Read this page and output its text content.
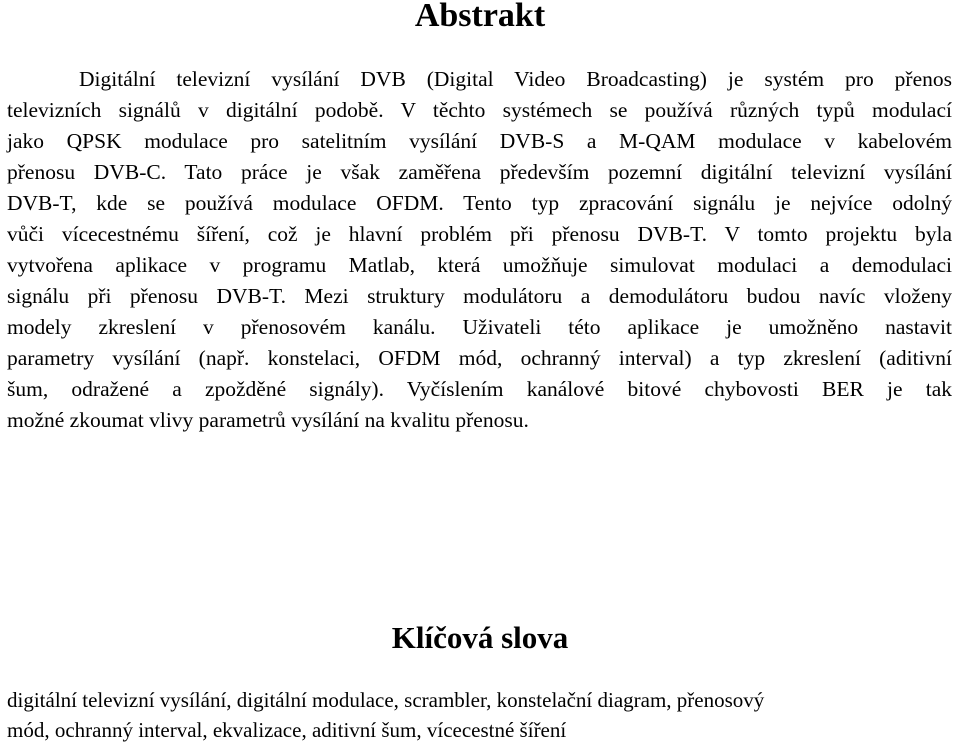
Abstrakt
Digitální televizní vysílání DVB (Digital Video Broadcasting) je systém pro přenos
televizních signálů v digitální podobě. V těchto systémech se používá různých typů modulací
jako QPSK modulace pro satelitním vysílání DVB-S a M-QAM modulace v kabelovém
přenosu DVB-C. Tato práce je však zaměřena především pozemní digitální televizní vysílání
DVB-T, kde se používá modulace OFDM. Tento typ zpracování signálu je nejvíce odolný
vůči vícecestnému šíření, což je hlavní problém při přenosu DVB-T. V tomto projektu byla
vytvořena aplikace v programu Matlab, která umožňuje simulovat modulaci a demodulaci
signálu při přenosu DVB-T. Mezi struktury modulátoru a demodulátoru budou navíc vloženy
modely zkreslení v přenosovém kanálu. Uživateli této aplikace je umožněno nastavit
parametry vysílání (např. konstelaci, OFDM mód, ochranný interval) a typ zkreslení (aditivní
šum, odražené a zpožděné signály). Vyčíslením kanálové bitové chybovosti BER je tak
možné zkoumat vlivy parametrů vysílání na kvalitu přenosu.
Klíčová slova
digitální televizní vysílání, digitální modulace, scrambler, konstelační diagram, přenosový
mód, ochranný interval, ekvalizace, aditivní šum, vícecestné šíření
